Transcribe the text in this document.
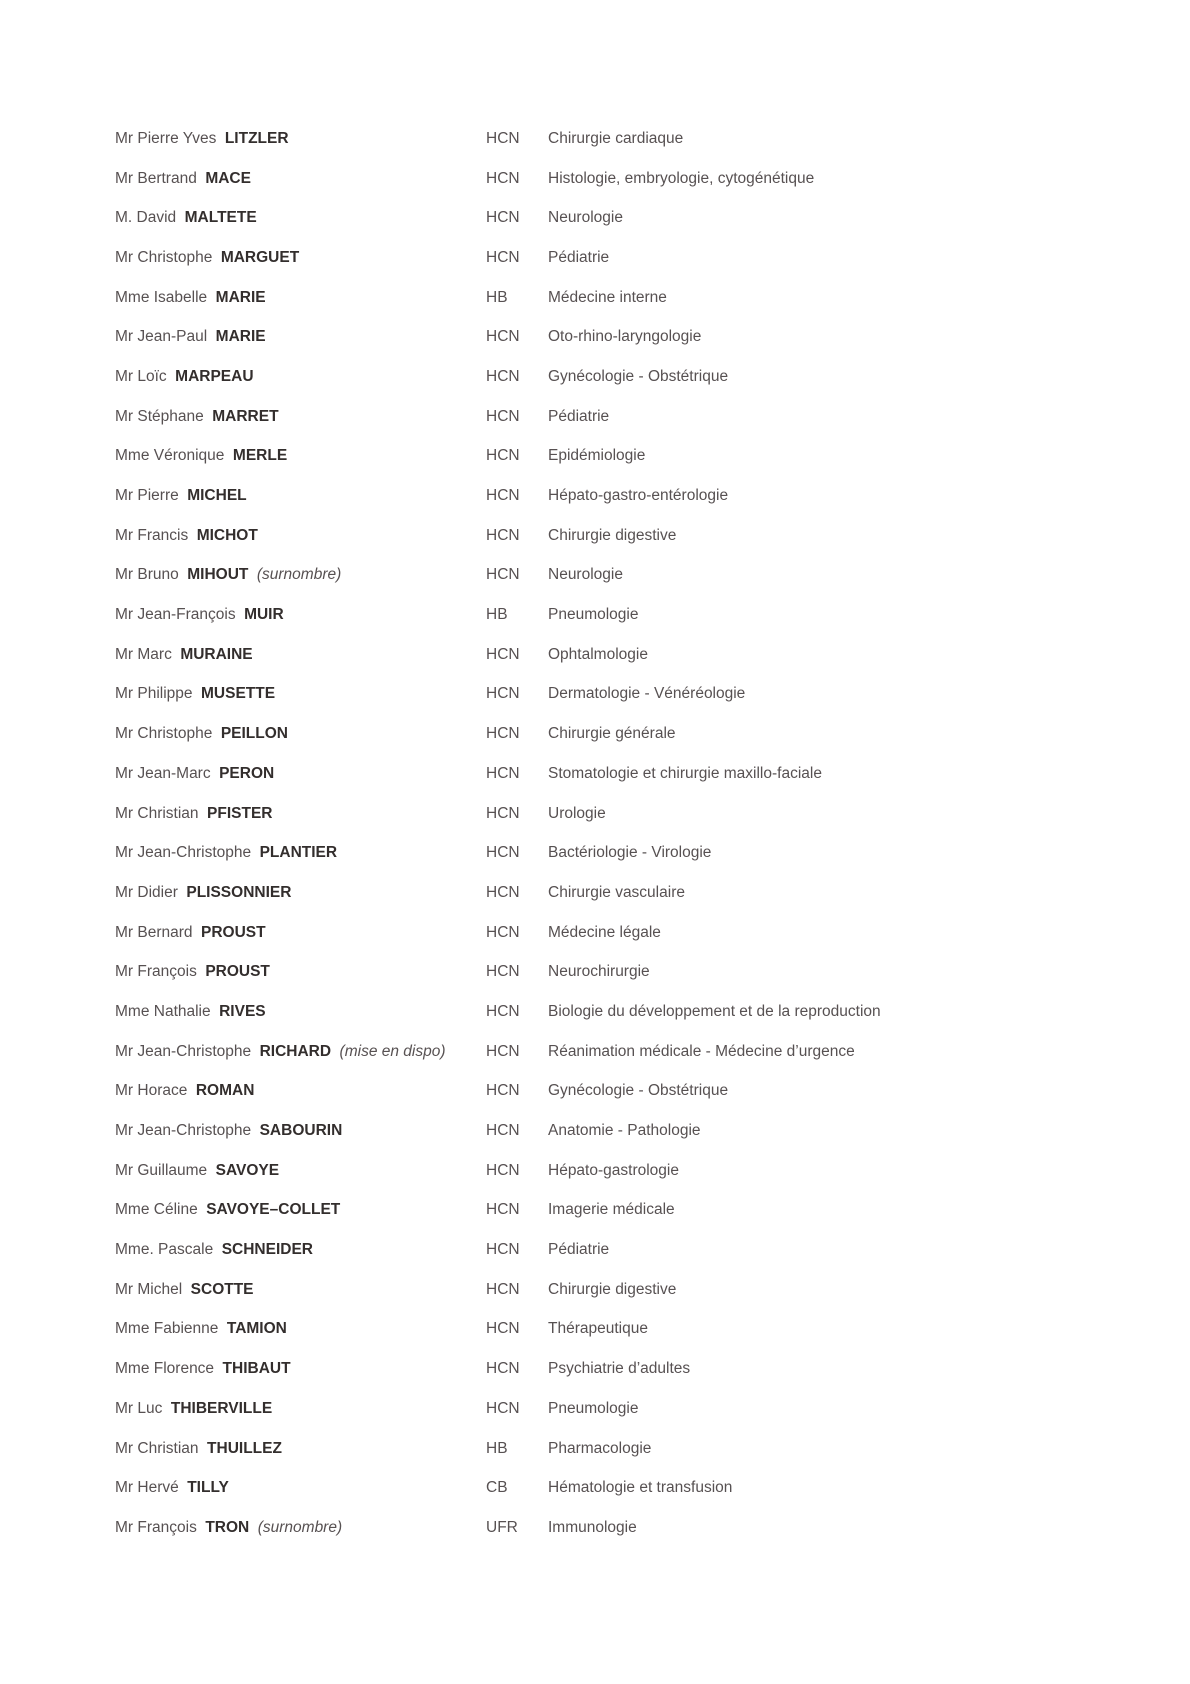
Mr Pierre Yves LITZLER	HCN	Chirurgie cardiaque
Mr Bertrand MACE	HCN	Histologie, embryologie, cytogénétique
M. David MALTETE	HCN	Neurologie
Mr Christophe MARGUET	HCN	Pédiatrie
Mme Isabelle MARIE	HB	Médecine interne
Mr Jean-Paul MARIE	HCN	Oto-rhino-laryngologie
Mr Loïc MARPEAU	HCN	Gynécologie - Obstétrique
Mr Stéphane MARRET	HCN	Pédiatrie
Mme Véronique MERLE	HCN	Epidémiologie
Mr Pierre MICHEL	HCN	Hépato-gastro-entérologie
Mr Francis MICHOT	HCN	Chirurgie digestive
Mr Bruno MIHOUT (surnombre)	HCN	Neurologie
Mr Jean-François MUIR	HB	Pneumologie
Mr Marc MURAINE	HCN	Ophtalmologie
Mr Philippe MUSETTE	HCN	Dermatologie - Vénéréologie
Mr Christophe PEILLON	HCN	Chirurgie générale
Mr Jean-Marc PERON	HCN	Stomatologie et chirurgie maxillo-faciale
Mr Christian PFISTER	HCN	Urologie
Mr Jean-Christophe PLANTIER	HCN	Bactériologie - Virologie
Mr Didier PLISSONNIER	HCN	Chirurgie vasculaire
Mr Bernard PROUST	HCN	Médecine légale
Mr François PROUST	HCN	Neurochirurgie
Mme Nathalie RIVES	HCN	Biologie du développement et de la reproduction
Mr Jean-Christophe RICHARD (mise en dispo)	HCN	Réanimation médicale - Médecine d’urgence
Mr Horace ROMAN	HCN	Gynécologie - Obstétrique
Mr Jean-Christophe SABOURIN	HCN	Anatomie - Pathologie
Mr Guillaume SAVOYE	HCN	Hépato-gastrologie
Mme Céline SAVOYE–COLLET	HCN	Imagerie médicale
Mme. Pascale SCHNEIDER	HCN	Pédiatrie
Mr Michel SCOTTE	HCN	Chirurgie digestive
Mme Fabienne TAMION	HCN	Thérapeutique
Mme Florence THIBAUT	HCN	Psychiatrie d’adultes
Mr Luc THIBERVILLE	HCN	Pneumologie
Mr Christian THUILLEZ	HB	Pharmacologie
Mr Hervé TILLY	CB	Hématologie et transfusion
Mr François TRON (surnombre)	UFR	Immunologie
